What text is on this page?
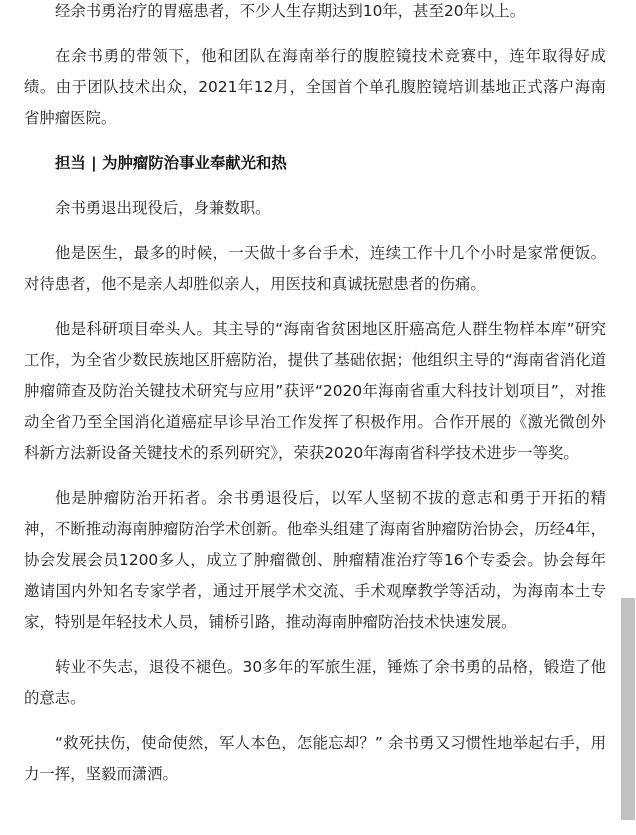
经余书勇治疗的胃癌患者，不少人生存期达到10年，甚至20年以上。

在余书勇的带领下，他和团队在海南举行的腹腔镜技术竞赛中，连年取得好成绩。由于团队技术出众，2021年12月，全国首个单孔腹腔镜培训基地正式落户海南省肿瘤医院。

担当 | 为肿瘤防治事业奉献光和热

余书勇退出现役后，身兼数职。

他是医生，最多的时候，一天做十多台手术，连续工作十几个小时是家常便饭。对待患者，他不是亲人却胜似亲人，用医技和真诚抚慰患者的伤痛。

他是科研项目牵头人。其主导的“海南省贫困地区肝癌高危人群生物样本库”研究工作，为全省少数民族地区肝癌防治，提供了基础依据；他组织主导的“海南省消化道肿瘤筛查及防治关键技术研究与应用”获评“2020年海南省重大科技计划项目”，对推动全省乃至全国消化道癌症早诊早治工作发挥了积极作用。合作开展的《激光微创外科新方法新设备关键技术的系列研究》，荣获2020年海南省科学技术进步一等奖。

他是肿瘤防治开拓者。余书勇退役后，以军人坚韧不拔的意志和勇于开拓的精神，不断推动海南肿瘤防治学术创新。他牵头组建了海南省肿瘤防治协会，历经4年，协会发展会员1200多人，成立了肿瘤微创、肿瘤精准治疗等16个专委会。协会每年邀请国内外知名专家学者，通过开展学术交流、手术观摩教学等活动，为海南本土专家，特别是年轻技术人员，铺桥引路，推动海南肿瘤防治技术快速发展。

转业不失志，退役不褪色。30多年的军旅生涯，锤炼了余书勇的品格，锻造了他的意志。

“救死扶伤，使命使然，军人本色，怎能忘却？” 余书勇又习惯性地举起右手，用力一挥，坚毅而潇洒。
